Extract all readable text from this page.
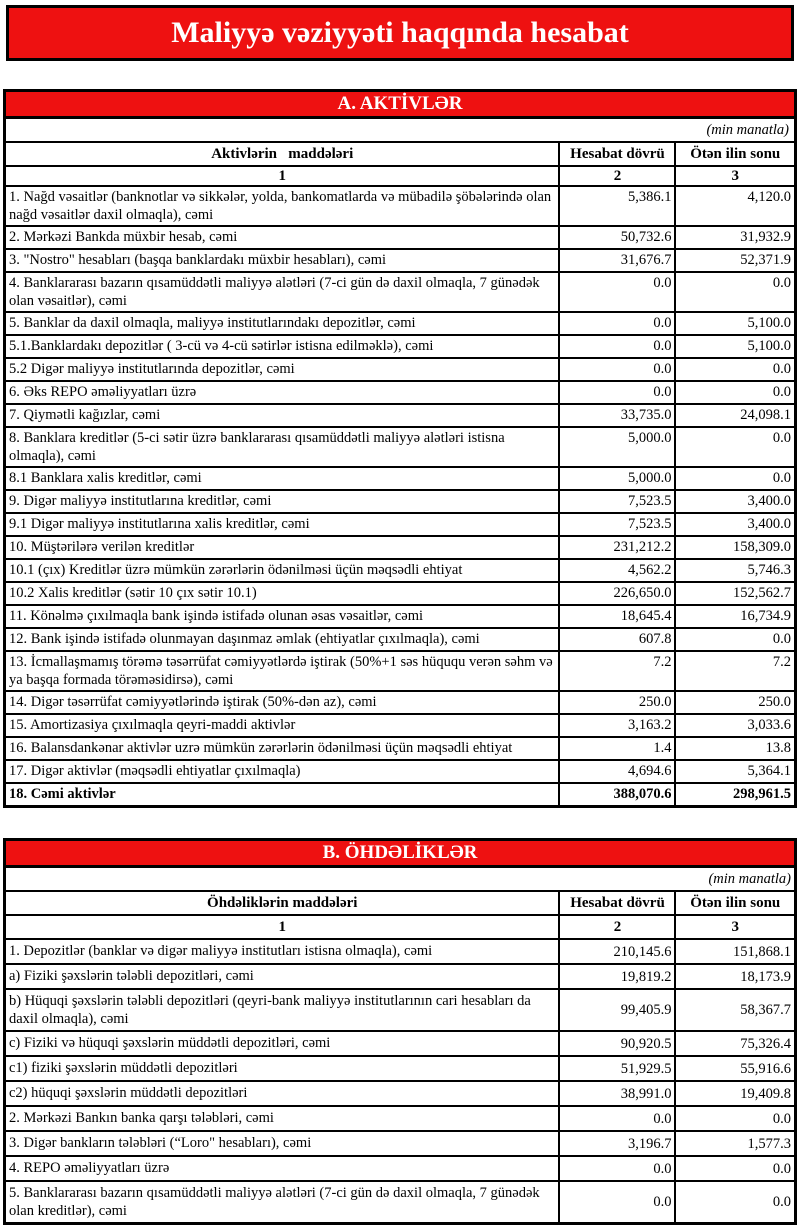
Maliyyə vəziyyəti haqqında hesabat
A. AKTİVLƏR
(min manatla)		
Aktivlərin   maddələri	Hesabat dövrü	Ötən ilin sonu
1	2	3
1. Nağd vəsaitlər (banknotlar və sikkələr, yolda, bankomatlarda və mübadilə şöbələrində olan nağd vəsaitlər daxil olmaqla), cəmi	5,386.1	4,120.0
2. Mərkəzi Bankda müxbir hesab, cəmi	50,732.6	31,932.9
3. "Nostro" hesabları (başqa banklardakı müxbir hesabları), cəmi	31,676.7	52,371.9
4. Banklararası bazarın qısamüddətli maliyyə alətləri (7-ci gün də daxil olmaqla, 7 günədək olan vəsaitlər), cəmi	0.0	0.0
5. Banklar da daxil olmaqla, maliyyə institutlarındakı depozitlər, cəmi	0.0	5,100.0
5.1.Banklardakı depozitlər ( 3-cü və 4-cü sətirlər istisna edilməklə), cəmi	0.0	5,100.0
5.2 Digər maliyyə institutlarında depozitlər, cəmi	0.0	0.0
6. Əks REPO əməliyyatları üzrə	0.0	0.0
7. Qiymətli kağızlar, cəmi	33,735.0	24,098.1
8. Banklara kreditlər (5-ci sətir üzrə banklararası qısamüddətli maliyyə alətləri istisna olmaqla), cəmi	5,000.0	0.0
8.1 Banklara xalis kreditlər, cəmi	5,000.0	0.0
9. Digər maliyyə institutlarına kreditlər, cəmi	7,523.5	3,400.0
9.1 Digər maliyyə institutlarına xalis kreditlər, cəmi	7,523.5	3,400.0
10. Müştərilərə verilən kreditlər	231,212.2	158,309.0
10.1 (çıx) Kreditlər üzrə mümkün zərərlərin ödənilməsi üçün məqsədli ehtiyat	4,562.2	5,746.3
10.2 Xalis kreditlər (sətir 10 çıx sətir 10.1)	226,650.0	152,562.7
11. Könəlmə çıxılmaqla bank işində istifadə olunan əsas vəsaitlər, cəmi	18,645.4	16,734.9
12. Bank işində istifadə olunmayan daşınmaz əmlak (ehtiyatlar çıxılmaqla), cəmi	607.8	0.0
13. İcmallaşmamış törəmə təsərrüfat cəmiyyətlərdə iştirak (50%+1 səs hüququ verən səhm və ya başqa formada törəməsidirsə), cəmi	7.2	7.2
14. Digər təsərrüfat cəmiyyətlərində iştirak (50%-dən az), cəmi	250.0	250.0
15. Amortizasiya çıxılmaqla qeyri-maddi aktivlər	3,163.2	3,033.6
16. Balansdankənar aktivlər uzrə mümkün zərərlərin ödənilməsi üçün məqsədli ehtiyat	1.4	13.8
17. Digər aktivlər (məqsədli ehtiyatlar çıxılmaqla)	4,694.6	5,364.1
18. Cəmi aktivlər	388,070.6	298,961.5
B. ÖHDƏLİKLƏR
(min manatla)		
Öhdəliklərin maddələri	Hesabat dövrü	Ötən ilin sonu
1	2	3
1. Depozitlər (banklar və digər maliyyə institutları istisna olmaqla), cəmi	210,145.6	151,868.1
a) Fiziki şəxslərin tələbli depozitləri, cəmi	19,819.2	18,173.9
b) Hüquqi şəxslərin tələbli depozitləri (qeyri-bank maliyyə institutlarının cari hesabları da daxil olmaqla), cəmi	99,405.9	58,367.7
c) Fiziki və hüquqi şəxslərin müddətli depozitləri, cəmi	90,920.5	75,326.4
c1) fiziki şəxslərin müddətli depozitləri	51,929.5	55,916.6
c2) hüquqi şəxslərin müddətli depozitləri	38,991.0	19,409.8
2. Mərkəzi Bankın banka qarşı tələbləri, cəmi	0.0	0.0
3. Digər bankların tələbləri (“Loro" hesabları), cəmi	3,196.7	1,577.3
4. REPO əməliyyatları üzrə	0.0	0.0
5. Banklararası bazarın qısamüddətli maliyyə alətləri (7-ci gün də daxil olmaqla, 7 günədək olan kreditlər), cəmi	0.0	0.0
